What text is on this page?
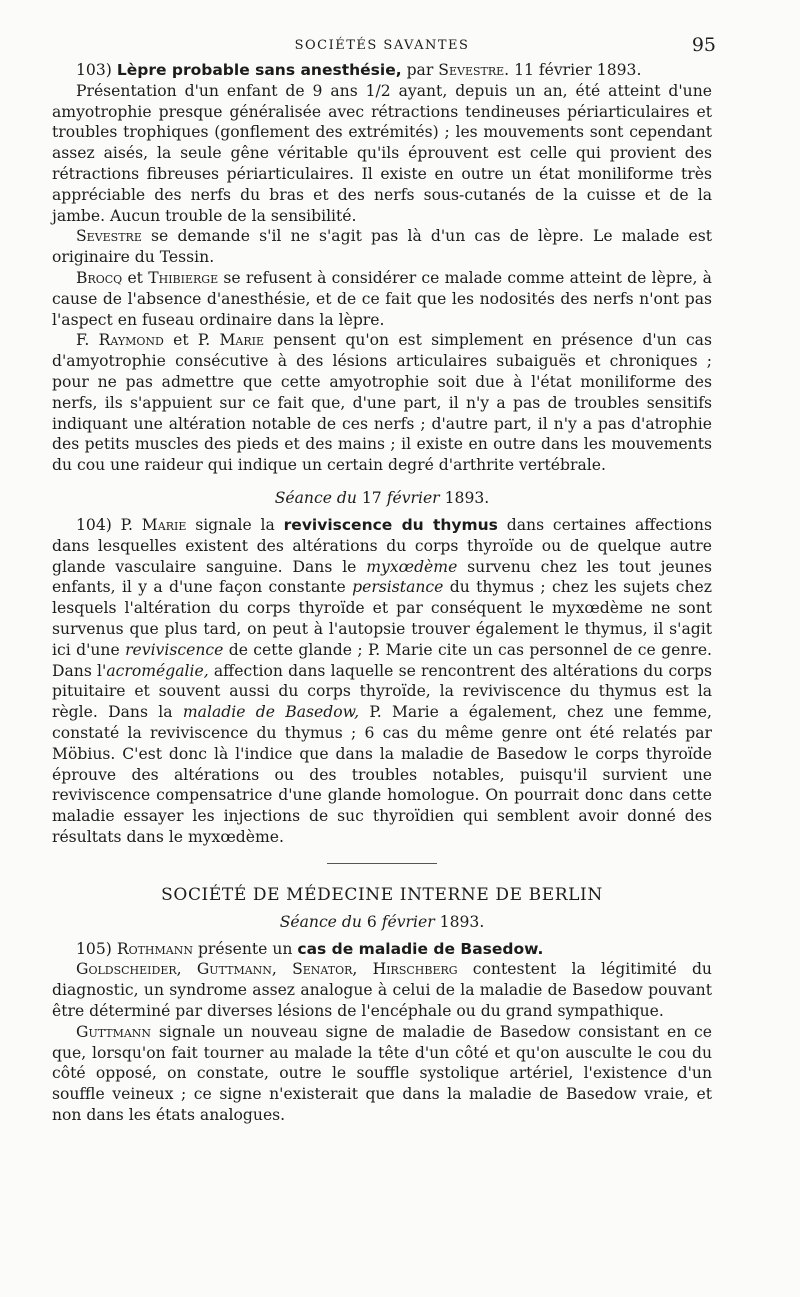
SOCIÉTÉS SAVANTES	95

103) Lèpre probable sans anesthésie, par Sevestre. 11 février 1893.

Présentation d'un enfant de 9 ans 1/2 ayant, depuis un an, été atteint d'une amyotrophie presque généralisée avec rétractions tendineuses périarticulaires et troubles trophiques (gonflement des extrémités) ; les mouvements sont cependant assez aisés, la seule gêne véritable qu'ils éprouvent est celle qui provient des rétractions fibreuses périarticulaires. Il existe en outre un état moniliforme très appréciable des nerfs du bras et des nerfs sous-cutanés de la cuisse et de la jambe. Aucun trouble de la sensibilité.

Sevestre se demande s'il ne s'agit pas là d'un cas de lèpre. Le malade est originaire du Tessin.

Brocq et Thibierge se refusent à considérer ce malade comme atteint de lèpre, à cause de l'absence d'anesthésie, et de ce fait que les nodosités des nerfs n'ont pas l'aspect en fuseau ordinaire dans la lèpre.

F. Raymond et P. Marie pensent qu'on est simplement en présence d'un cas d'amyotrophie consécutive à des lésions articulaires subaiguës et chroniques ; pour ne pas admettre que cette amyotrophie soit due à l'état moniliforme des nerfs, ils s'appuient sur ce fait que, d'une part, il n'y a pas de troubles sensitifs indiquant une altération notable de ces nerfs ; d'autre part, il n'y a pas d'atrophie des petits muscles des pieds et des mains ; il existe en outre dans les mouvements du cou une raideur qui indique un certain degré d'arthrite vertébrale.

Séance du 17 février 1893.

104) P. Marie signale la reviviscence du thymus dans certaines affections dans lesquelles existent des altérations du corps thyroïde ou de quelque autre glande vasculaire sanguine. Dans le myxœdème survenu chez les tout jeunes enfants, il y a d'une façon constante persistance du thymus ; chez les sujets chez lesquels l'altération du corps thyroïde et par conséquent le myxœdème ne sont survenus que plus tard, on peut à l'autopsie trouver également le thymus, il s'agit ici d'une reviviscence de cette glande ; P. Marie cite un cas personnel de ce genre. Dans l'acromégalie, affection dans laquelle se rencontrent des altérations du corps pituitaire et souvent aussi du corps thyroïde, la reviviscence du thymus est la règle. Dans la maladie de Basedow, P. Marie a également, chez une femme, constaté la reviviscence du thymus ; 6 cas du même genre ont été relatés par Möbius. C'est donc là l'indice que dans la maladie de Basedow le corps thyroïde éprouve des altérations ou des troubles notables, puisqu'il survient une reviviscence compensatrice d'une glande homologue. On pourrait donc dans cette maladie essayer les injections de suc thyroïdien qui semblent avoir donné des résultats dans le myxœdème.

SOCIÉTÉ DE MÉDECINE INTERNE DE BERLIN
Séance du 6 février 1893.

105) Rothmann présente un cas de maladie de Basedow.

Goldscheider, Guttmann, Senator, Hirschberg contestent la légitimité du diagnostic, un syndrome assez analogue à celui de la maladie de Basedow pouvant être déterminé par diverses lésions de l'encéphale ou du grand sympathique.

Guttmann signale un nouveau signe de maladie de Basedow consistant en ce que, lorsqu'on fait tourner au malade la tête d'un côté et qu'on ausculte le cou du côté opposé, on constate, outre le souffle systolique artériel, l'existence d'un souffle veineux ; ce signe n'existerait que dans la maladie de Basedow vraie, et non dans les états analogues.
